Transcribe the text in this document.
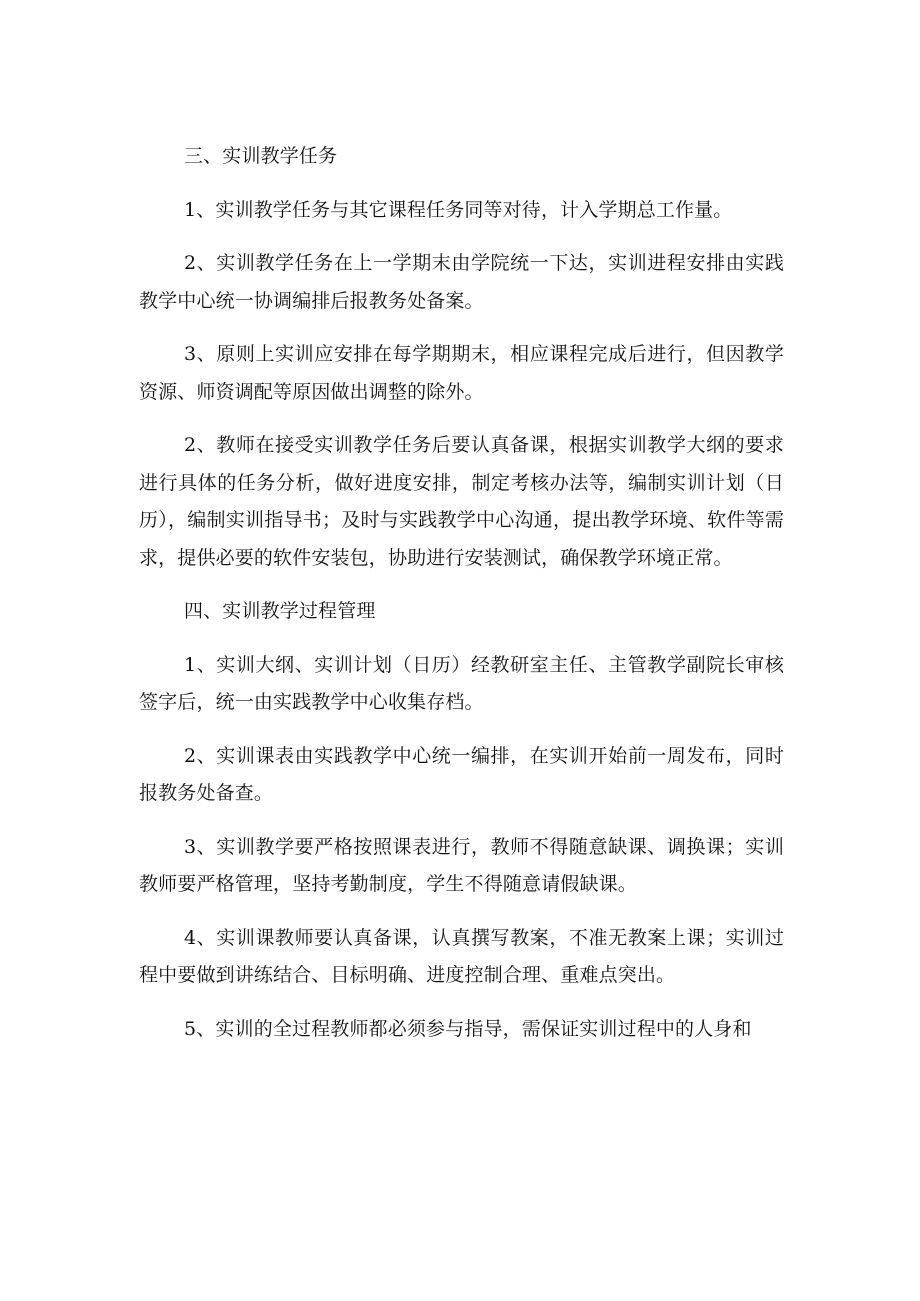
三、实训教学任务

1、实训教学任务与其它课程任务同等对待，计入学期总工作量。

2、实训教学任务在上一学期末由学院统一下达，实训进程安排由实践教学中心统一协调编排后报教务处备案。

3、原则上实训应安排在每学期期末，相应课程完成后进行，但因教学资源、师资调配等原因做出调整的除外。

2、教师在接受实训教学任务后要认真备课，根据实训教学大纲的要求进行具体的任务分析，做好进度安排，制定考核办法等，编制实训计划（日历），编制实训指导书；及时与实践教学中心沟通，提出教学环境、软件等需求，提供必要的软件安装包，协助进行安装测试，确保教学环境正常。

四、实训教学过程管理

1、实训大纲、实训计划（日历）经教研室主任、主管教学副院长审核签字后，统一由实践教学中心收集存档。

2、实训课表由实践教学中心统一编排，在实训开始前一周发布，同时报教务处备查。

3、实训教学要严格按照课表进行，教师不得随意缺课、调换课；实训教师要严格管理，坚持考勤制度，学生不得随意请假缺课。

4、实训课教师要认真备课，认真撰写教案，不准无教案上课；实训过程中要做到讲练结合、目标明确、进度控制合理、重难点突出。

5、实训的全过程教师都必须参与指导，需保证实训过程中的人身和
